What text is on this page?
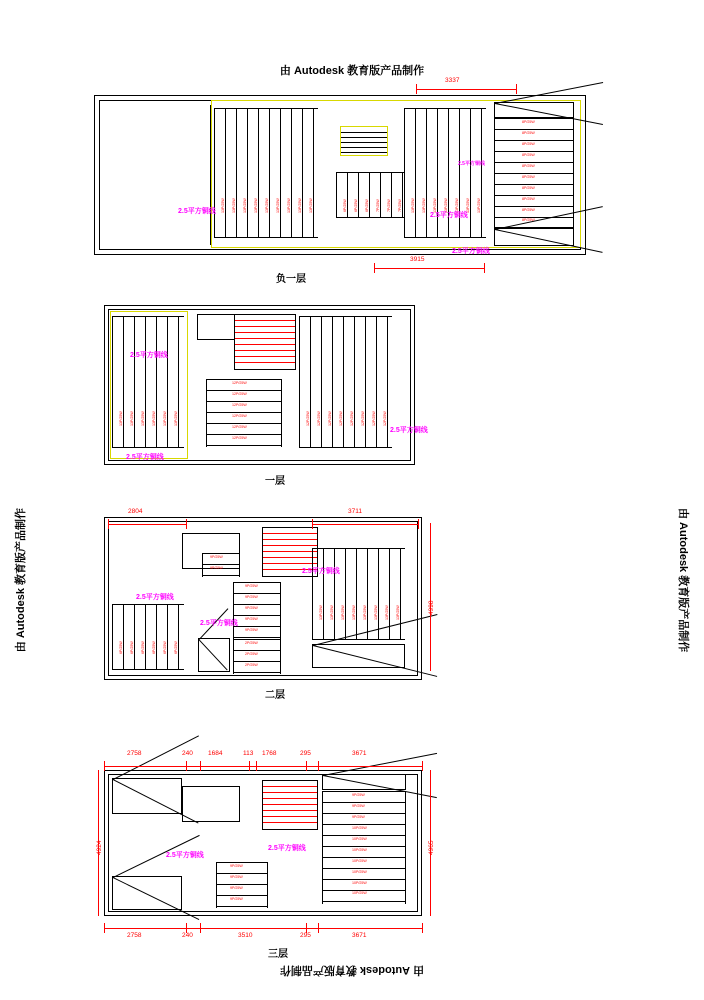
由 Autodesk 教育版产品制作
由 Autodesk 教育版产品制作
由 Autodesk 教育版产品制作	由 Autodesk 教育版产品制作
13P/25W 13P/25W 13P/25W 13P/25W 13P/25W 13P/25W 13P/25W 13P/25W 13P/25W	6P/25W 6P/25W 6P/25W 7P/25W 7P/25W 7P/25W	13P/25W 13P/25W 13P/25W 13P/25W 13P/25W 13P/25W 13P/25W
8P/25W
8P/25W
8P/25W
8P/25W
8P/25W
8P/25W
8P/25W
8P/25W
8P/25W
8P/25W
2.5平方铜线
2.5平方铜线
2.5平方铜线
2.5平方铜线
3337
3915
负一层
13P/25W 13P/25W 13P/25W 13P/25W 13P/25W 13P/25W
12P/25W
12P/25W
12P/25W
12P/25W
12P/25W
12P/25W
12P/25W 12P/25W 12P/25W 12P/25W 12P/25W 12P/25W 12P/25W 12P/25W
2.5平方铜线
2.5平方铜线
2.5平方铜线
一层
9P/25W
9P/25W
9P/25W
9P/25W
9P/25W
9P/25W
9P/25W
2P/25W
2P/25W
2P/25W
6P/25W 6P/25W 6P/25W 6P/25W 6P/25W 6P/25W
13P/25W 13P/25W 13P/25W 13P/25W 13P/25W 13P/25W 13P/25W 13P/25W
2.5平方铜线
2.5平方铜线
2.5平方铜线
2804	3711
4998
二层
9P/25W
9P/25W
9P/25W
10P/25W
10P/25W
10P/25W
10P/25W
10P/25W
10P/25W
10P/25W
9P/25W
9P/25W
9P/25W
9P/25W
2.5平方铜线
2.5平方铜线
2758	240 1684	113 1768	295	3671
2758	240	3510	295	3671
4924	4965
三层
